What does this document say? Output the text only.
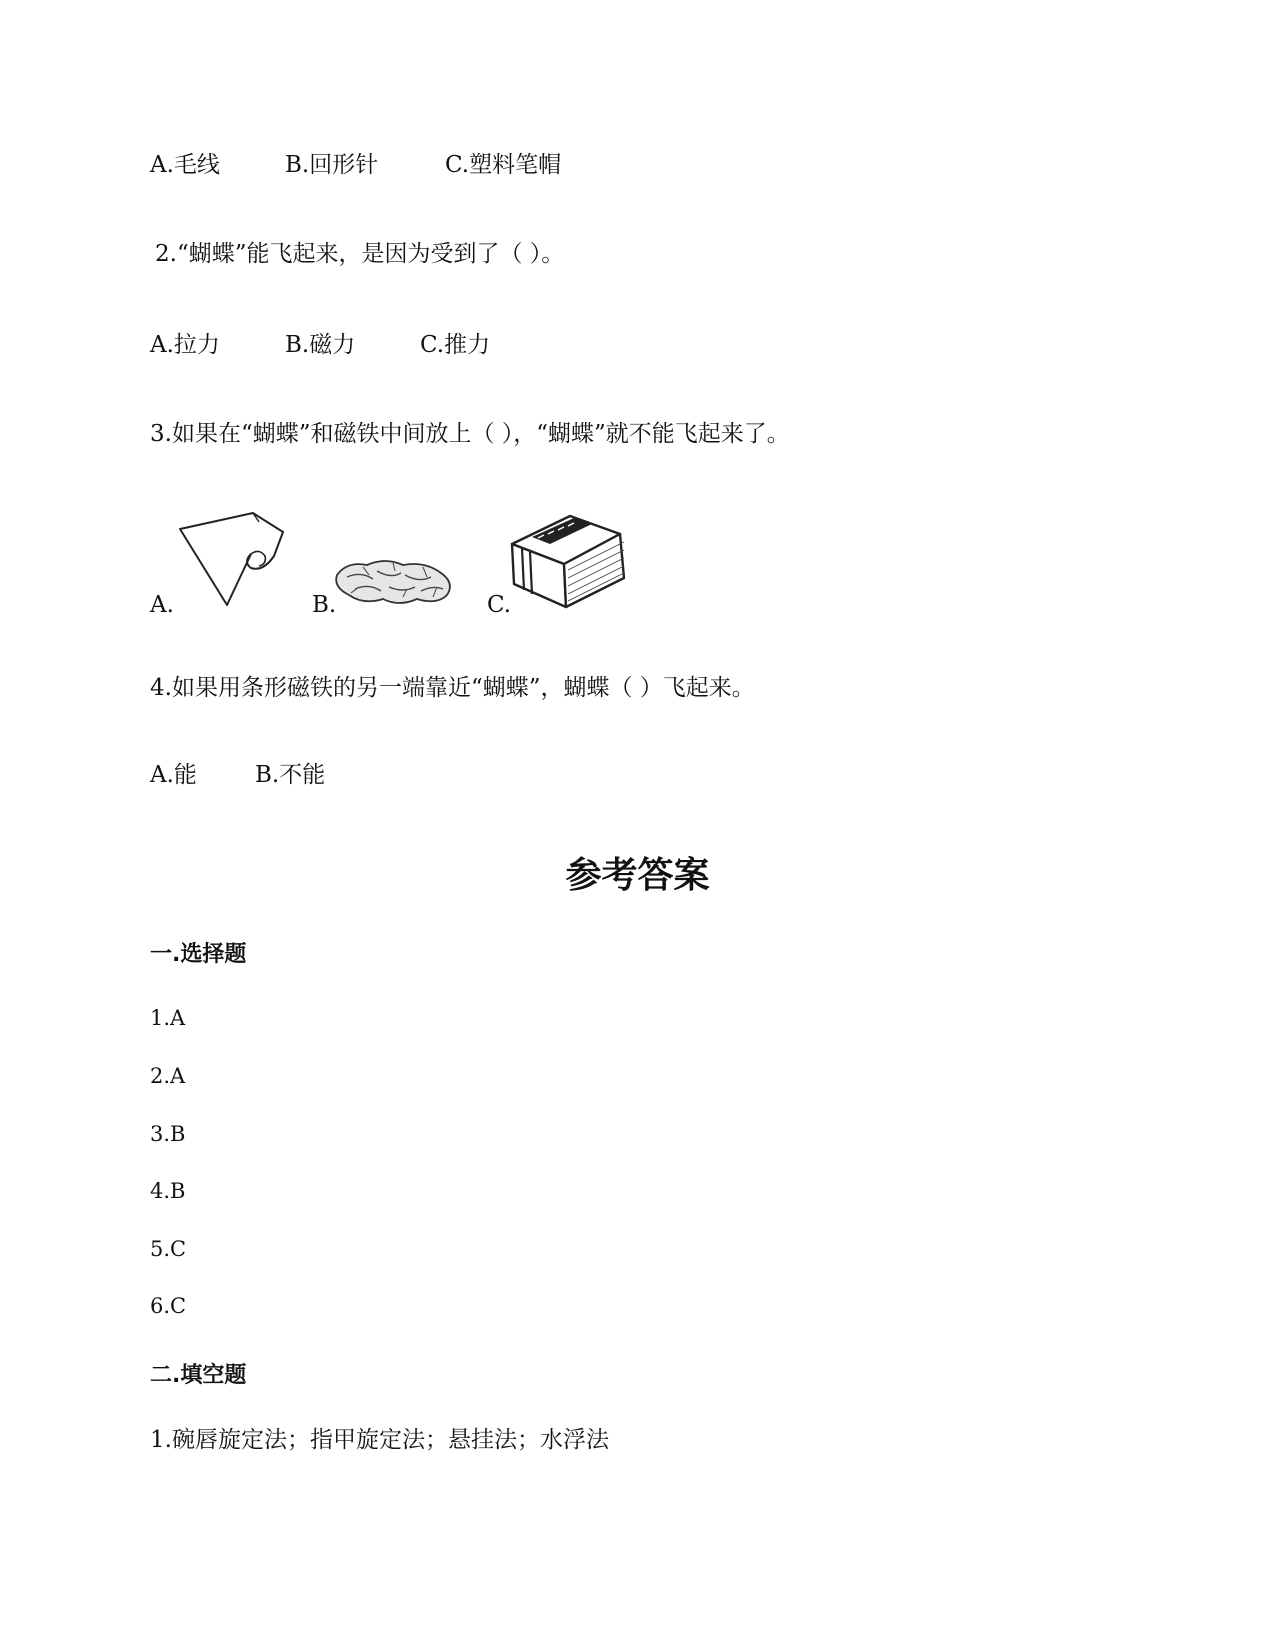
A.毛线	B.回形针	C.塑料笔帽
2.“蝴蝶”能飞起来，是因为受到了（ ）。
A.拉力	B.磁力	C.推力
3.如果在“蝴蝶”和磁铁中间放上（ ），“蝴蝶”就不能飞起来了。
A.	B.	C.
4.如果用条形磁铁的另一端靠近“蝴蝶”，蝴蝶（ ）飞起来。
A.能	B.不能
参考答案
一.选择题
1.A
2.A
3.B
4.B
5.C
6.C
二.填空题
1.碗唇旋定法；指甲旋定法；悬挂法；水浮法
